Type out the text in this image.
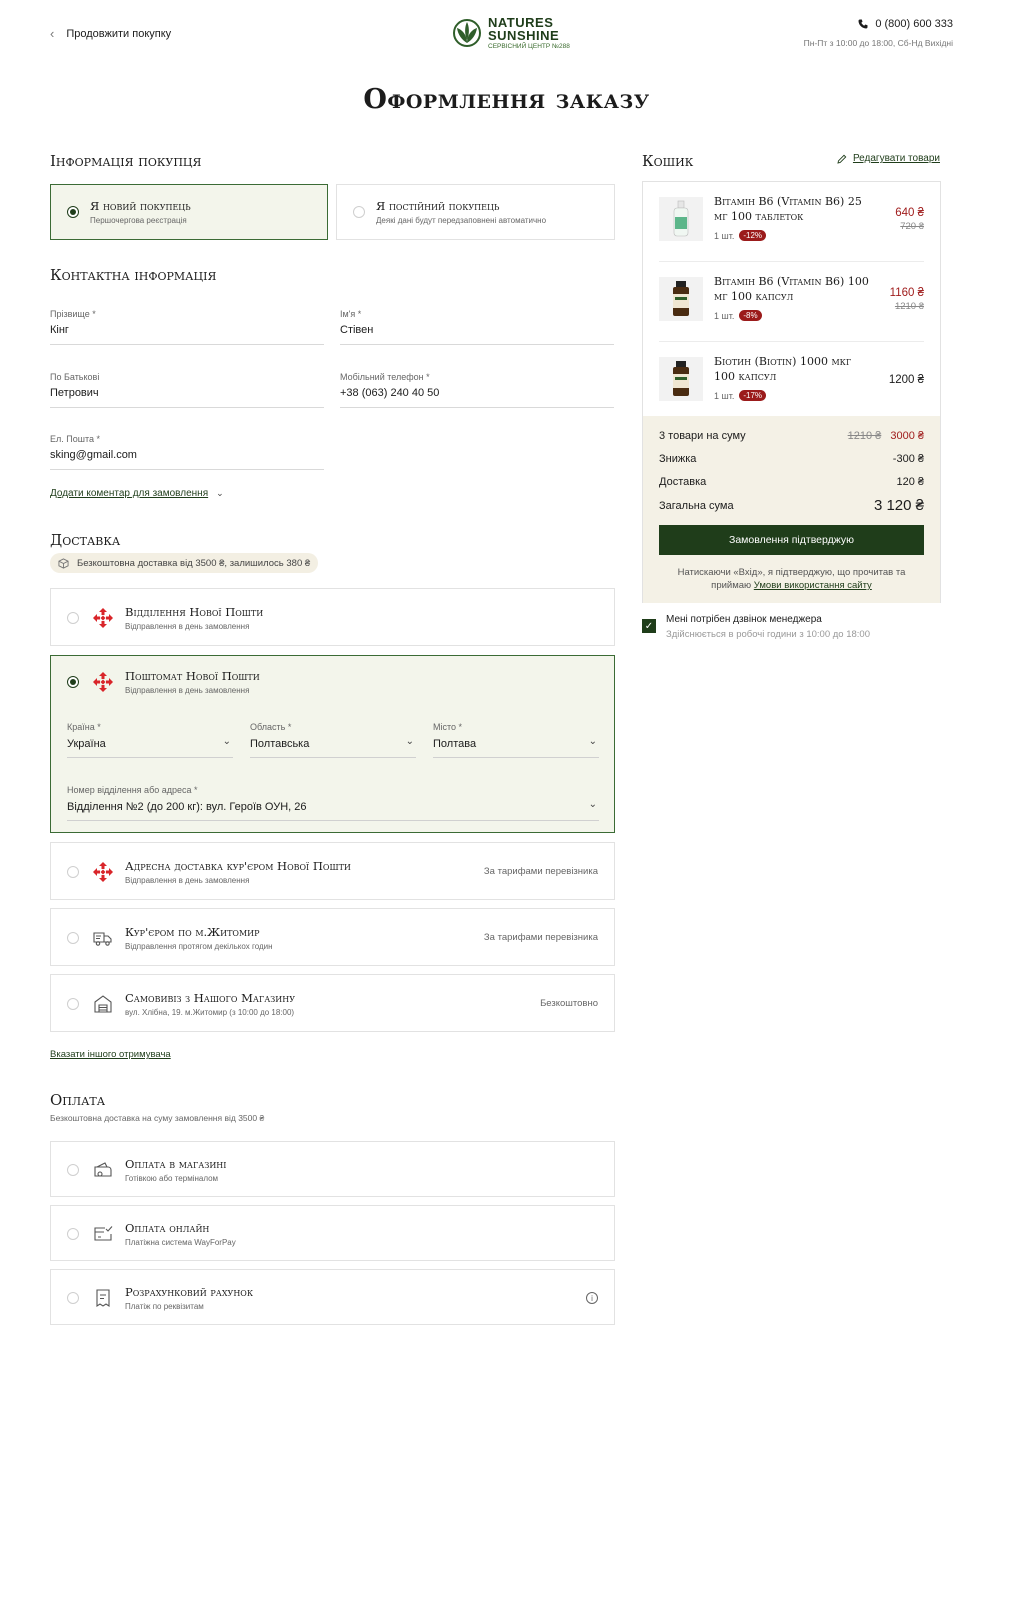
‹ Продовжити покупку
NATURES
SUNSHINE
СЕРВІСНИЙ ЦЕНТР №288
0 (800) 600 333
Пн-Пт з 10:00 до 18:00, Сб-Нд Вихідні
Оформлення заказу
Інформація покупця
Я новий покупець
Першочергова реєстрація
Я постійний покупець
Деякі дані будут передзаповнені автоматично
Контактна інформація
Прізвище *
Кінг
Ім'я *
Стівен
По Батькові
Петрович
Мобільний телефон *
+38 (063) 240 40 50
Ел. Пошта *
sking@gmail.com
Додати коментар для замовлення ⌄
Доставка
Безкоштовна доставка від 3500 ₴, залишилось 380 ₴
Відділення Нової Пошти
Відправлення в день замовлення
Поштомат Нової Пошти
Відправлення в день замовлення
Країна *
Україна	⌄
Область *
Полтавська	⌄
Місто *
Полтава	⌄
Номер відділення або адреса *
Відділення №2 (до 200 кг): вул. Героїв ОУН, 26	⌄
Адресна доставка кур'єром Нової Пошти
Відправлення в день замовлення
За тарифами перевізника
Кур'єром по м.Житомир
Відправлення протягом декількох годин
За тарифами перевізника
Самовивіз з Нашого Магазину
вул. Хлібна, 19. м.Житомир (з 10:00 до 18:00)
Безкоштовно
Вказати іншого отримувача
Оплата
Безкоштовна доставка на суму замовлення від 3500 ₴
Оплата в магазині
Готівкою або терміналом
Оплата онлайн
Платіжна система WayForPay
Розрахунковий рахунок
Платіж по реквізитам
i
Кошик	Редагувати товари
Вітамін B6 (Vitamin B6) 25 мг 100 таблеток
1 шт.	-12%
640 ₴
720 ₴
Вітамін B6 (Vitamin B6) 100 мг 100 капсул
1 шт.	-8%
1160 ₴
1210 ₴
Біотин (Biotin) 1000 мкг 100 капсул
1 шт.	-17%
1200 ₴
3 товари на суму	1210 ₴ 3000 ₴
Знижка	-300 ₴
Доставка	120 ₴
Загальна сума	3 120 ₴
Замовлення підтверджую
Натискаючи «Вхід», я підтверджую, що прочитав та приймаю Умови використання сайту
✓
Мені потрібен дзвінок менеджера
Здійснюється в робочі години з 10:00 до 18:00
